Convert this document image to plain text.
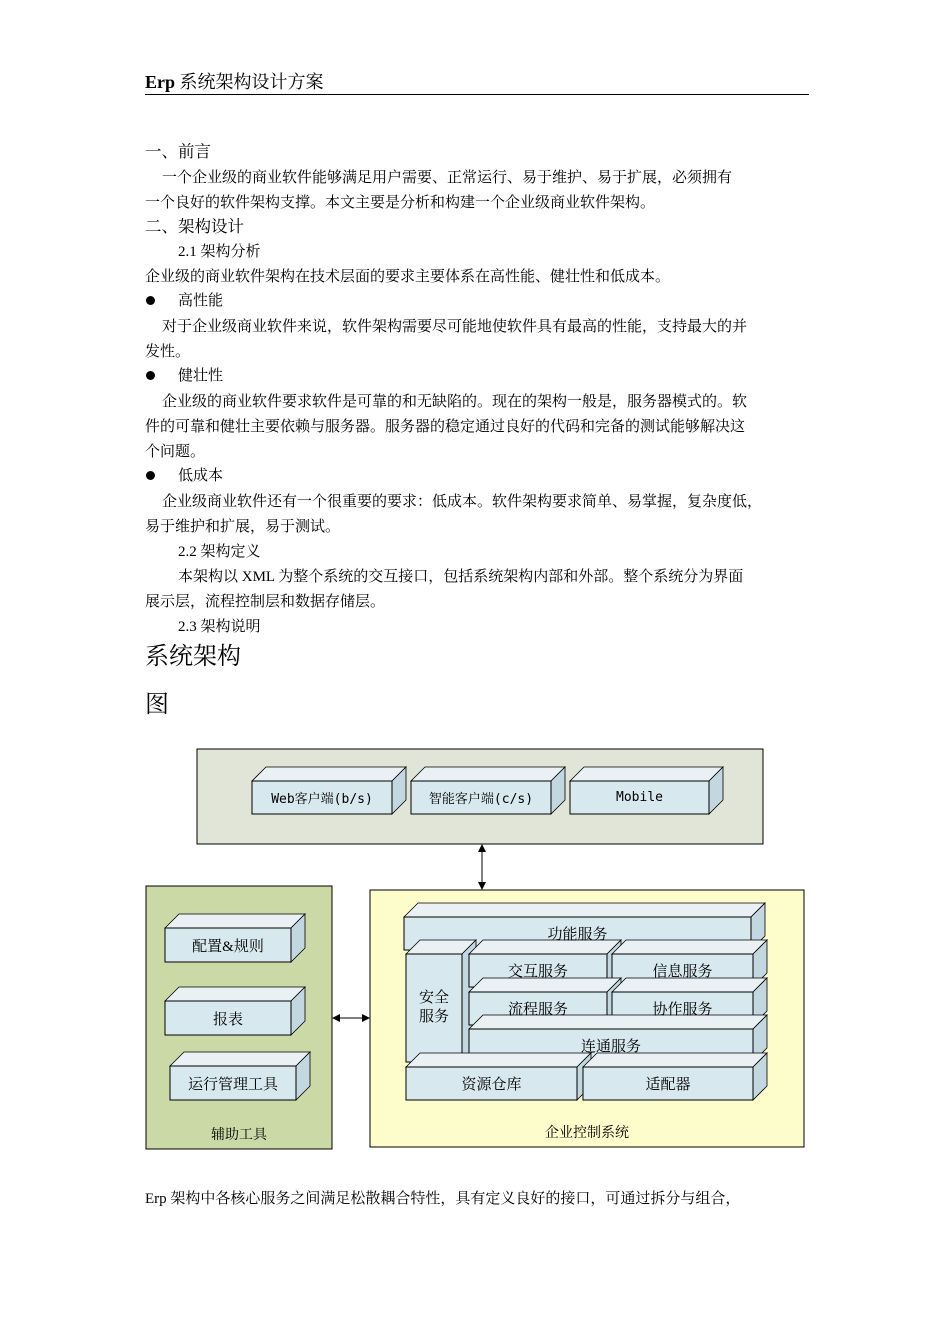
Erp 系统架构设计方案
一、前言
一个企业级的商业软件能够满足用户需要、正常运行、易于维护、易于扩展，必须拥有
一个良好的软件架构支撑。本文主要是分析和构建一个企业级商业软件架构。
二、架构设计
2.1 架构分析
企业级的商业软件架构在技术层面的要求主要体系在高性能、健壮性和低成本。
高性能
对于企业级商业软件来说，软件架构需要尽可能地使软件具有最高的性能，支持最大的并
发性。
健壮性
企业级的商业软件要求软件是可靠的和无缺陷的。现在的架构一般是，服务器模式的。软
件的可靠和健壮主要依赖与服务器。服务器的稳定通过良好的代码和完备的测试能够解决这
个问题。
低成本
企业级商业软件还有一个很重要的要求：低成本。软件架构要求简单、易掌握，复杂度低，
易于维护和扩展，易于测试。
2.2 架构定义
本架构以 XML 为整个系统的交互接口，包括系统架构内部和外部。整个系统分为界面
展示层，流程控制层和数据存储层。
2.3 架构说明
系统架构
图
Web客户端(b/s)	智能客户端(c/s)	Mobile
配置&规则
报表
运行管理工具
辅助工具
功能服务
安全服务
交互服务	信息服务
流程服务	协作服务
连通服务
资源仓库	适配器
企业控制系统
Erp 架构中各核心服务之间满足松散耦合特性，具有定义良好的接口，可通过拆分与组合，
